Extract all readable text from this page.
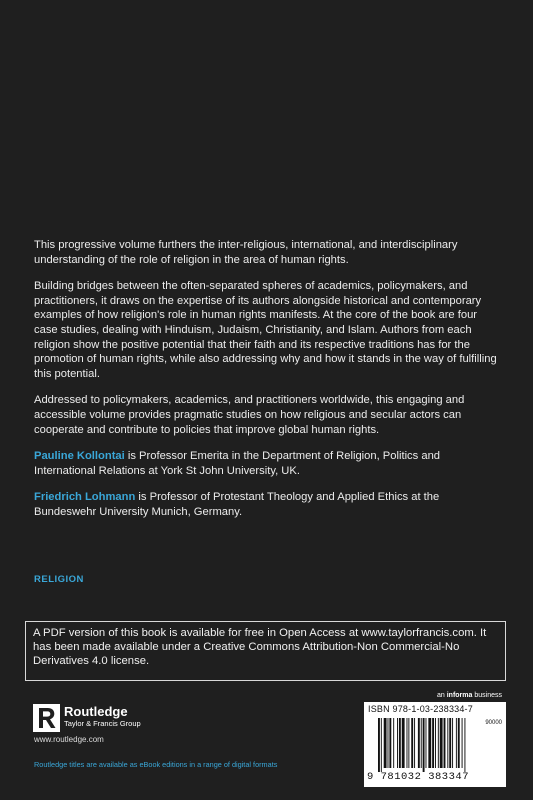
This progressive volume furthers the inter-religious, international, and interdisciplinary understanding of the role of religion in the area of human rights.

Building bridges between the often-separated spheres of academics, policymakers, and practitioners, it draws on the expertise of its authors alongside historical and contemporary examples of how religion's role in human rights manifests. At the core of the book are four case studies, dealing with Hinduism, Judaism, Christianity, and Islam. Authors from each religion show the positive potential that their faith and its respective traditions has for the promotion of human rights, while also addressing why and how it stands in the way of fulfilling this potential.

Addressed to policymakers, academics, and practitioners worldwide, this engaging and accessible volume provides pragmatic studies on how religious and secular actors can cooperate and contribute to policies that improve global human rights.

Pauline Kollontai is Professor Emerita in the Department of Religion, Politics and International Relations at York St John University, UK.

Friedrich Lohmann is Professor of Protestant Theology and Applied Ethics at the Bundeswehr University Munich, Germany.

RELIGION
A PDF version of this book is available for free in Open Access at www.taylorfrancis.com. It has been made available under a Creative Commons Attribution-Non Commercial-No Derivatives 4.0 license.
Routledge
Taylor & Francis Group
www.routledge.com
Routledge titles are available as eBook editions in a range of digital formats
an informa business
ISBN 978-1-03-238334-7
90000
9 781032 383347
